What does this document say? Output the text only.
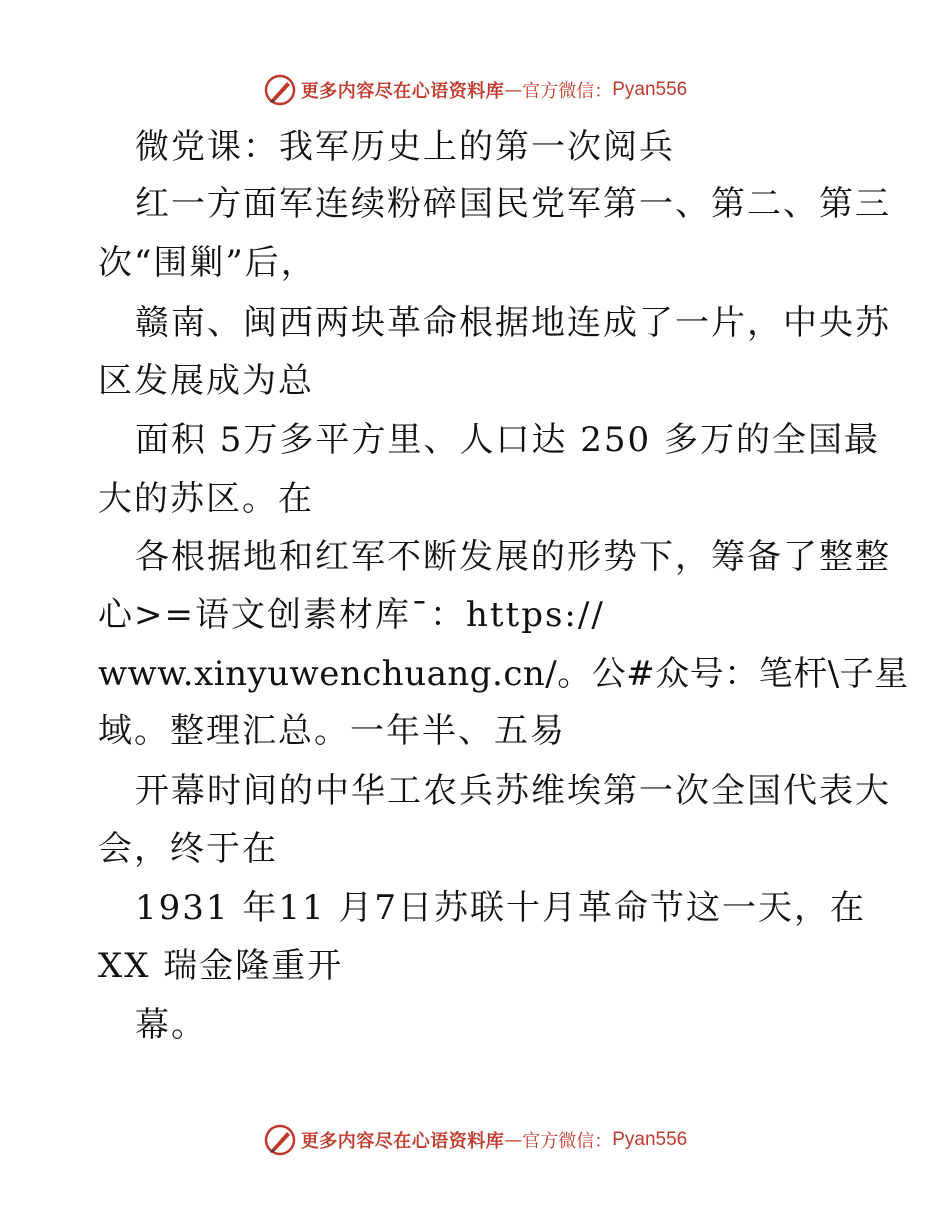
更多内容尽在心语资料库 — 官方微信： Pyan556
微党课：我军历史上的第一次阅兵
红一方面军连续粉碎国民党军第一、第二、第三
次“围剿”后，
赣南、闽西两块革命根据地连成了一片，中央苏
区发展成为总
面积 5万多平方里、人口达 250 多万的全国最
大的苏区。在
各根据地和红军不断发展的形势下，筹备了整整
心>=语文创素材库¯：https://
www.xinyuwenchuang.cn/。公#众号：笔杆\子星
域。整理汇总。一年半、五易
开幕时间的中华工农兵苏维埃第一次全国代表大
会，终于在
1931 年11 月7日苏联十月革命节这一天，在
XX 瑞金隆重开
幕。
更多内容尽在心语资料库 — 官方微信： Pyan556
